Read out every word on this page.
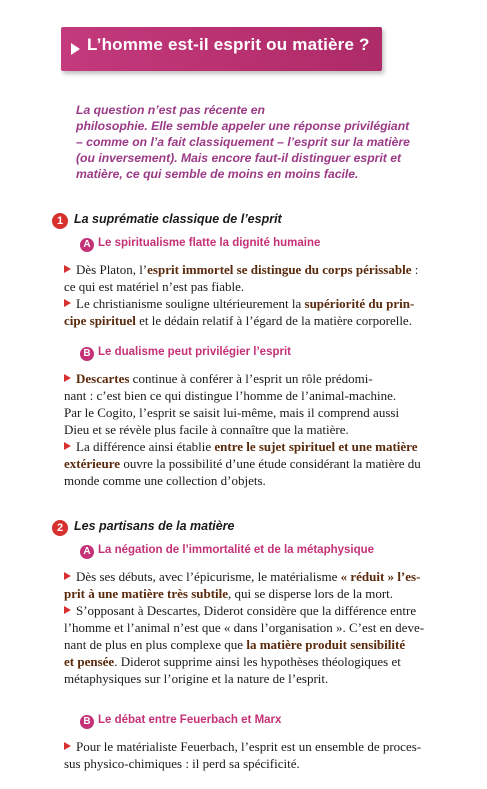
L’homme est-il esprit ou matière ?
La question n’est pas récente en
philosophie. Elle semble appeler une réponse privilégiant
– comme on l’a fait classiquement – l’esprit sur la matière
(ou inversement). Mais encore faut-il distinguer esprit et
matière, ce qui semble de moins en moins facile.
1 La suprématie classique de l’esprit
A Le spiritualisme flatte la dignité humaine
Dès Platon, l’esprit immortel se distingue du corps périssable :
ce qui est matériel n’est pas fiable.
Le christianisme souligne ultérieurement la supériorité du prin-
cipe spirituel et le dédain relatif à l’égard de la matière corporelle.
B Le dualisme peut privilégier l’esprit
Descartes continue à conférer à l’esprit un rôle prédomi-
nant : c’est bien ce qui distingue l’homme de l’animal-machine.
Par le Cogito, l’esprit se saisit lui-même, mais il comprend aussi
Dieu et se révèle plus facile à connaître que la matière.
La différence ainsi établie entre le sujet spirituel et une matière
extérieure ouvre la possibilité d’une étude considérant la matière du
monde comme une collection d’objets.
2 Les partisans de la matière
A La négation de l’immortalité et de la métaphysique
Dès ses débuts, avec l’épicurisme, le matérialisme « réduit » l’es-
prit à une matière très subtile, qui se disperse lors de la mort.
S’opposant à Descartes, Diderot considère que la différence entre
l’homme et l’animal n’est que « dans l’organisation ». C’est en deve-
nant de plus en plus complexe que la matière produit sensibilité
et pensée. Diderot supprime ainsi les hypothèses théologiques et
métaphysiques sur l’origine et la nature de l’esprit.
B Le débat entre Feuerbach et Marx
Pour le matérialiste Feuerbach, l’esprit est un ensemble de proces-
sus physico-chimiques : il perd sa spécificité.
